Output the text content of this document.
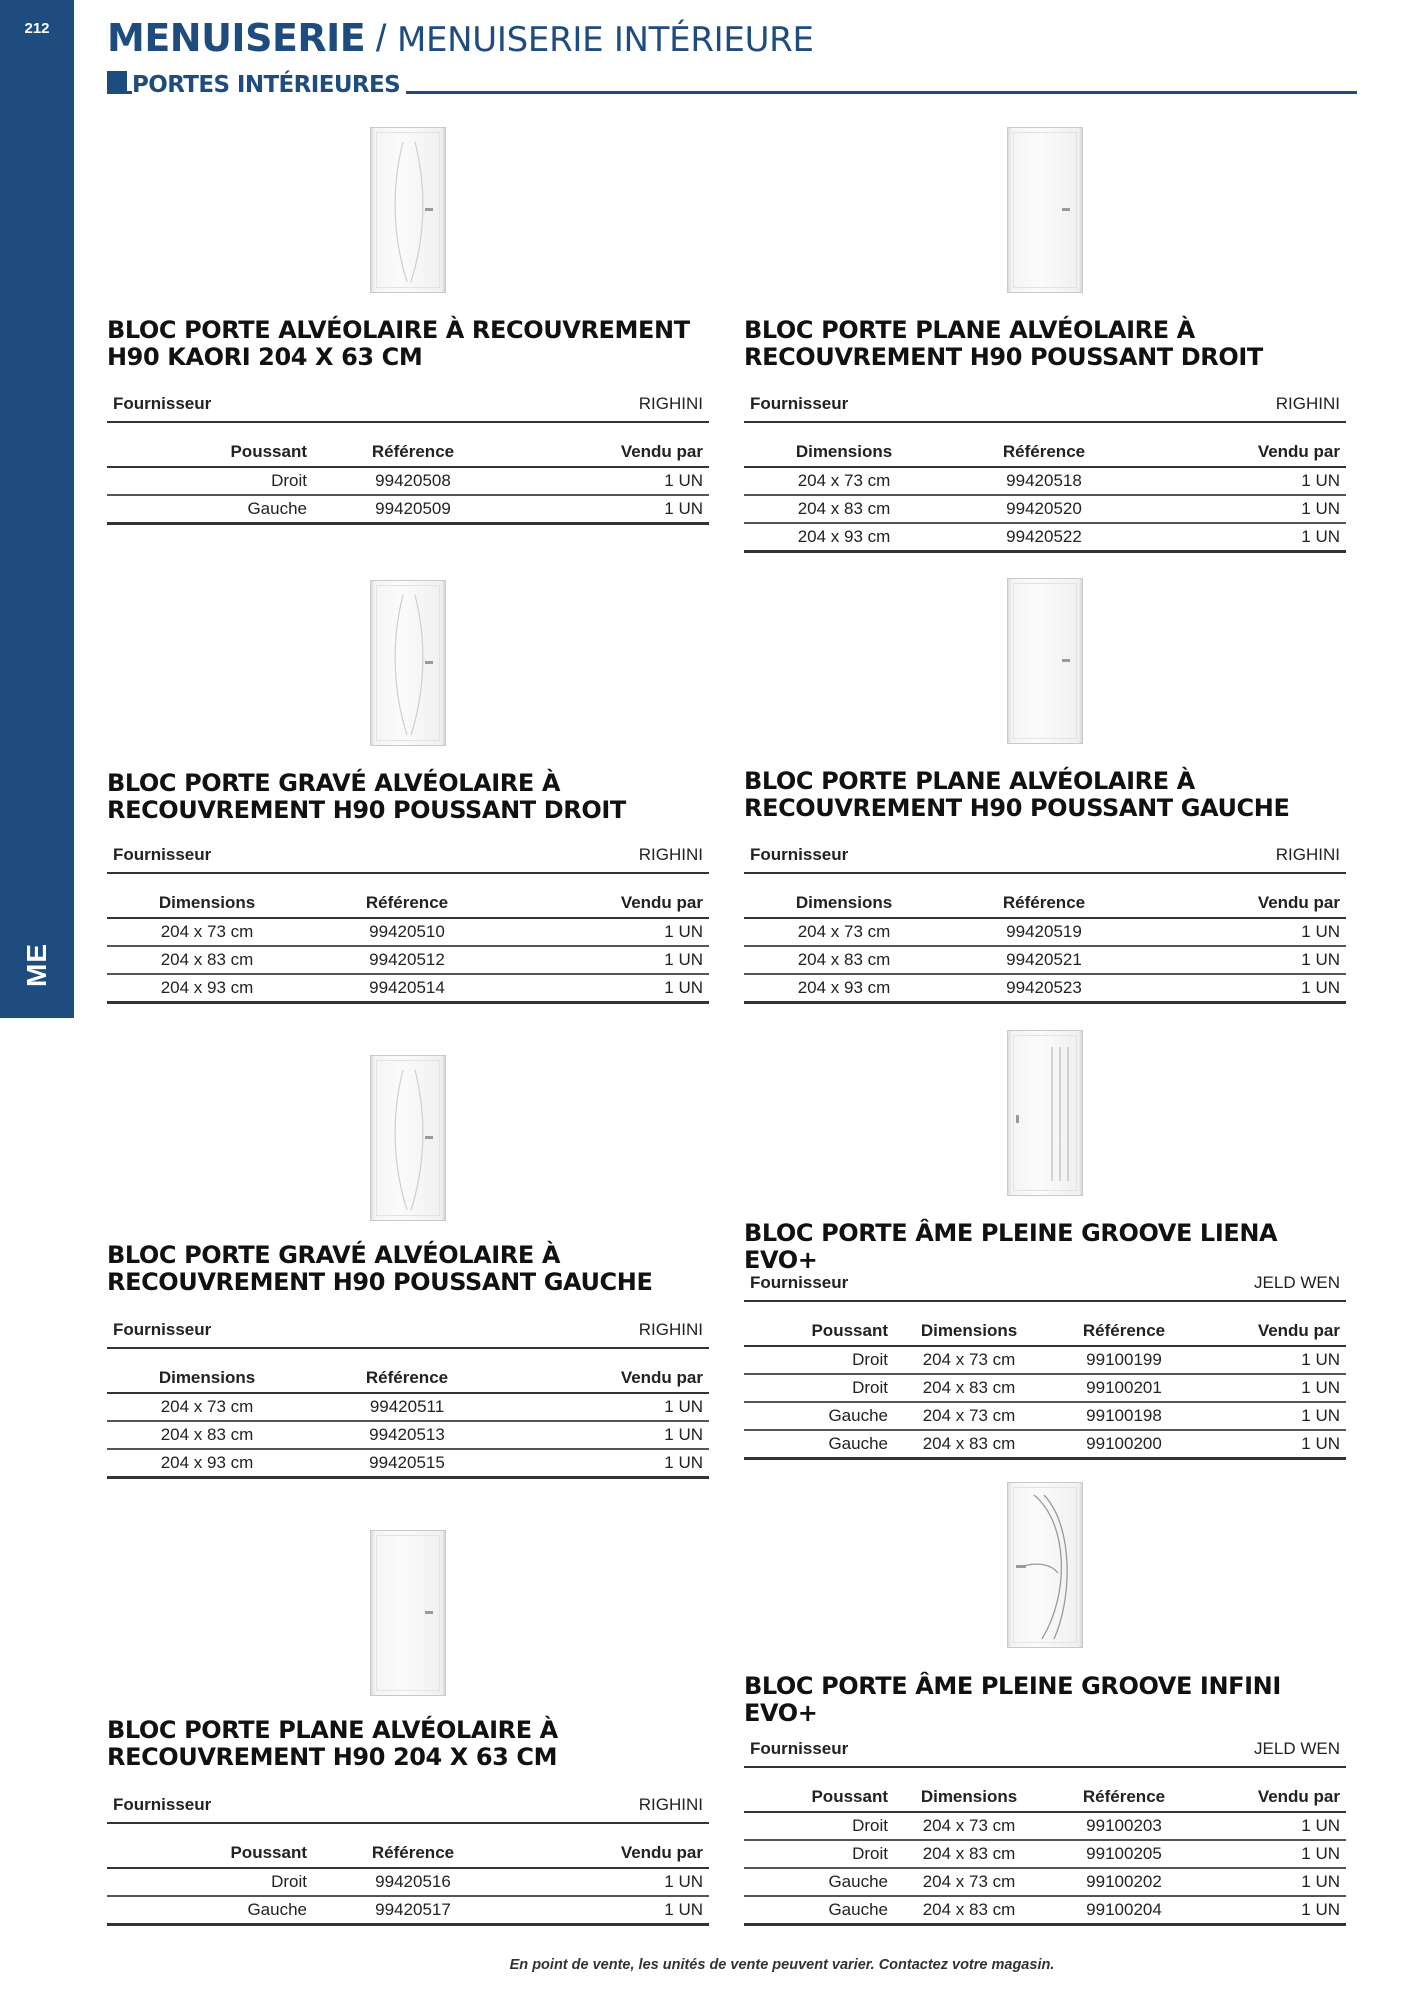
212
ME
MENUISERIE / MENUISERIE INTÉRIEURE
PORTES INTÉRIEURES
BLOC PORTE ALVÉOLAIRE À RECOUVREMENT
H90 KAORI 204 X 63 CM
Fournisseur	RIGHINI
Poussant	Référence	Vendu par
Droit	99420508	1 UN
Gauche	99420509	1 UN
BLOC PORTE PLANE ALVÉOLAIRE À
RECOUVREMENT H90 POUSSANT DROIT
Fournisseur	RIGHINI
Dimensions	Référence	Vendu par
204 x 73 cm	99420518	1 UN
204 x 83 cm	99420520	1 UN
204 x 93 cm	99420522	1 UN
BLOC PORTE GRAVÉ ALVÉOLAIRE À
RECOUVREMENT H90 POUSSANT DROIT
Fournisseur	RIGHINI
Dimensions	Référence	Vendu par
204 x 73 cm	99420510	1 UN
204 x 83 cm	99420512	1 UN
204 x 93 cm	99420514	1 UN
BLOC PORTE PLANE ALVÉOLAIRE À
RECOUVREMENT H90 POUSSANT GAUCHE
Fournisseur	RIGHINI
Dimensions	Référence	Vendu par
204 x 73 cm	99420519	1 UN
204 x 83 cm	99420521	1 UN
204 x 93 cm	99420523	1 UN
BLOC PORTE GRAVÉ ALVÉOLAIRE À
RECOUVREMENT H90 POUSSANT GAUCHE
Fournisseur	RIGHINI
Dimensions	Référence	Vendu par
204 x 73 cm	99420511	1 UN
204 x 83 cm	99420513	1 UN
204 x 93 cm	99420515	1 UN
BLOC PORTE ÂME PLEINE GROOVE LIENA EVO+
Fournisseur	JELD WEN
Poussant	Dimensions	Référence	Vendu par
Droit	204 x 73 cm	99100199	1 UN
Droit	204 x 83 cm	99100201	1 UN
Gauche	204 x 73 cm	99100198	1 UN
Gauche	204 x 83 cm	99100200	1 UN
BLOC PORTE PLANE ALVÉOLAIRE À
RECOUVREMENT H90 204 X 63 CM
Fournisseur	RIGHINI
Poussant	Référence	Vendu par
Droit	99420516	1 UN
Gauche	99420517	1 UN
BLOC PORTE ÂME PLEINE GROOVE INFINI EVO+
Fournisseur	JELD WEN
Poussant	Dimensions	Référence	Vendu par
Droit	204 x 73 cm	99100203	1 UN
Droit	204 x 83 cm	99100205	1 UN
Gauche	204 x 73 cm	99100202	1 UN
Gauche	204 x 83 cm	99100204	1 UN
En point de vente, les unités de vente peuvent varier. Contactez votre magasin.
